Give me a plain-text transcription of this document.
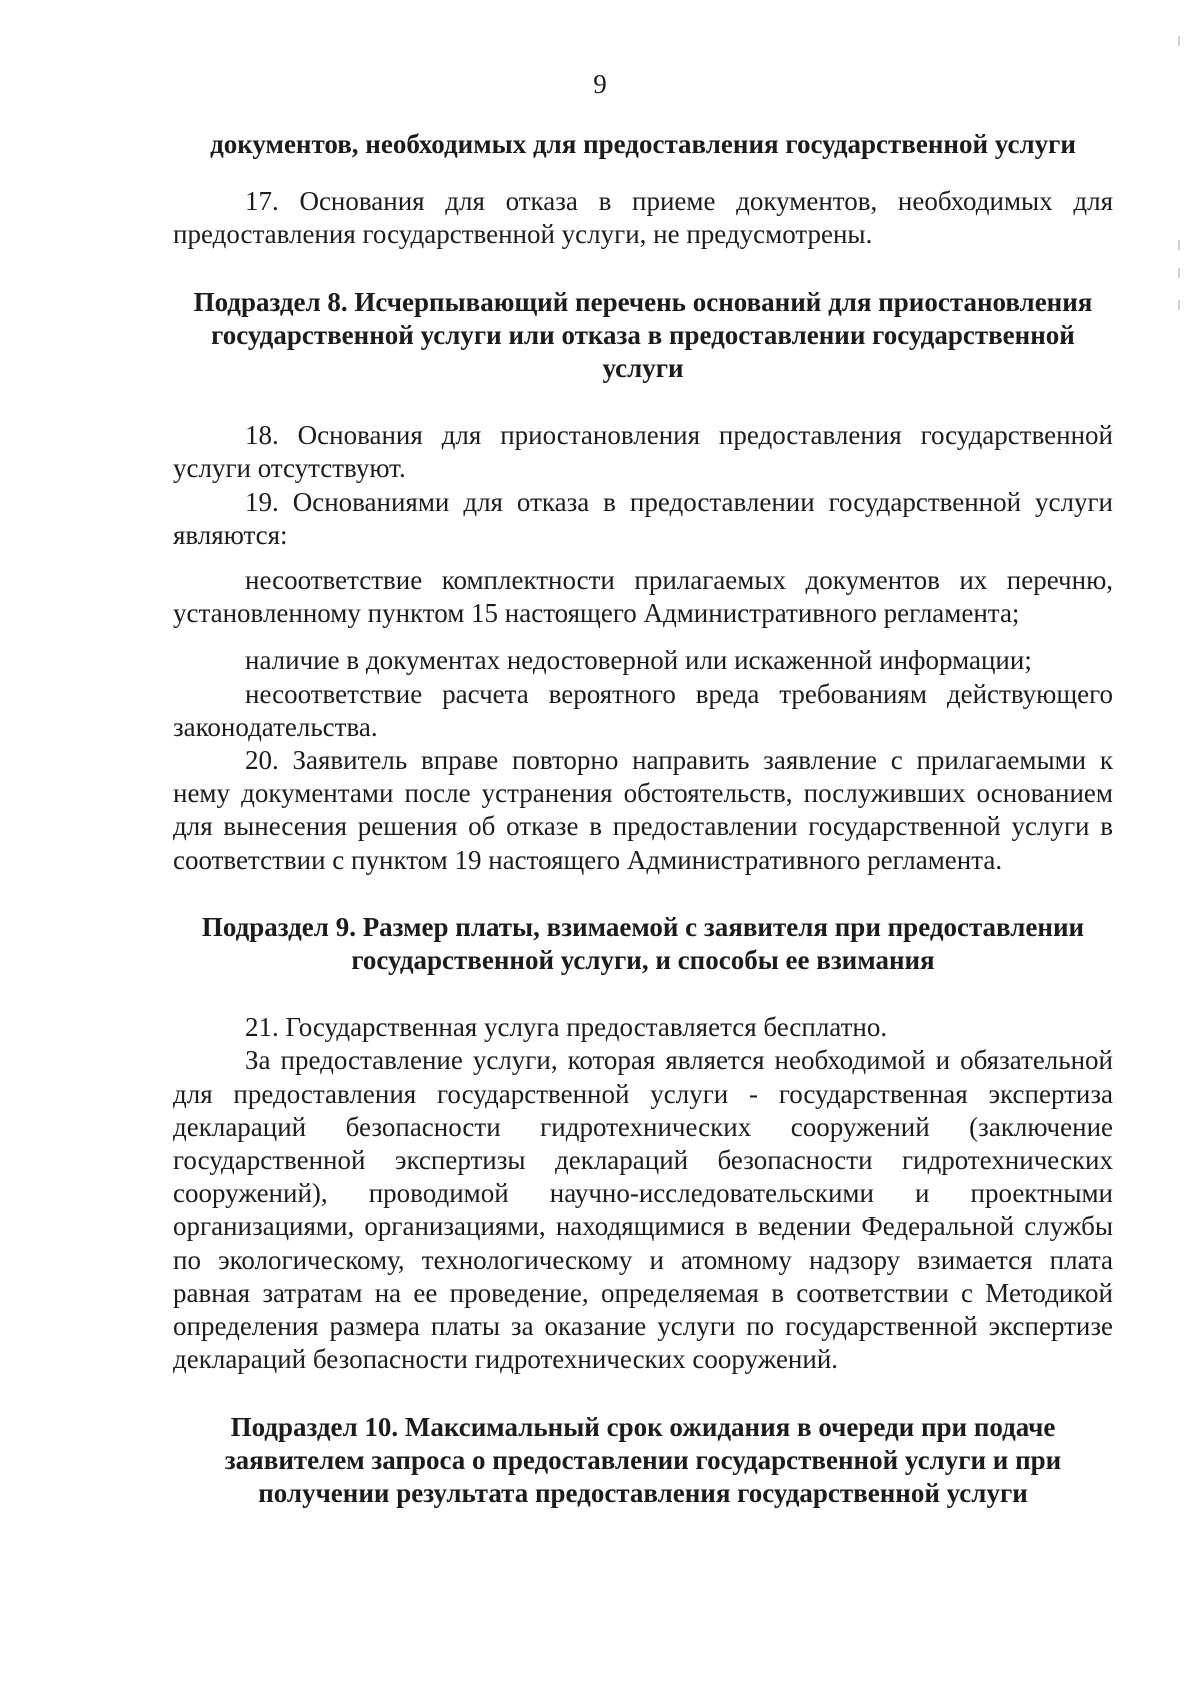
9

документов, необходимых для предоставления государственной услуги

17. Основания для отказа в приеме документов, необходимых для предоставления государственной услуги, не предусмотрены.

Подраздел 8. Исчерпывающий перечень оснований для приостановления государственной услуги или отказа в предоставлении государственной услуги

18. Основания для приостановления предоставления государственной услуги отсутствуют.

19. Основаниями для отказа в предоставлении государственной услуги являются:

несоответствие комплектности прилагаемых документов их перечню, установленному пунктом 15 настоящего Административного регламента;

наличие в документах недостоверной или искаженной информации;

несоответствие расчета вероятного вреда требованиям действующего законодательства.

20. Заявитель вправе повторно направить заявление с прилагаемыми к нему документами после устранения обстоятельств, послуживших основанием для вынесения решения об отказе в предоставлении государственной услуги в соответствии с пунктом 19 настоящего Административного регламента.

Подраздел 9. Размер платы, взимаемой с заявителя при предоставлении государственной услуги, и способы ее взимания

21. Государственная услуга предоставляется бесплатно.

За предоставление услуги, которая является необходимой и обязательной для предоставления государственной услуги - государственная экспертиза деклараций безопасности гидротехнических сооружений (заключение государственной экспертизы деклараций безопасности гидротехнических сооружений), проводимой научно-исследовательскими и проектными организациями, организациями, находящимися в ведении Федеральной службы по экологическому, технологическому и атомному надзору взимается плата равная затратам на ее проведение, определяемая в соответствии с Методикой определения размера платы за оказание услуги по государственной экспертизе деклараций безопасности гидротехнических сооружений.

Подраздел 10. Максимальный срок ожидания в очереди при подаче заявителем запроса о предоставлении государственной услуги и при получении результата предоставления государственной услуги
